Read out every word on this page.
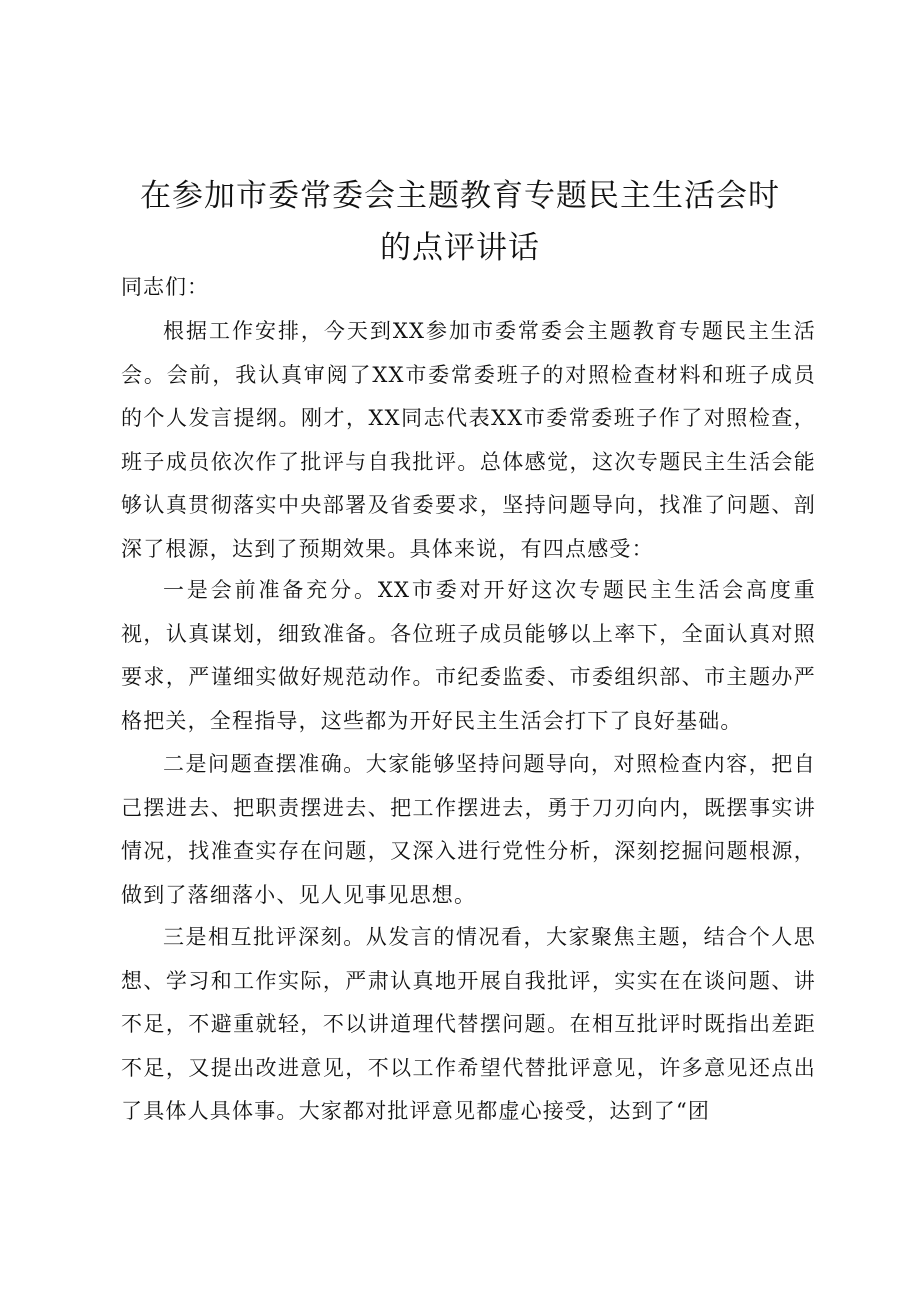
在参加市委常委会主题教育专题民主生活会时
的点评讲话
同志们：

根据工作安排，今天到XX参加市委常委会主题教育专题民主生活会。会前，我认真审阅了XX市委常委班子的对照检查材料和班子成员的个人发言提纲。刚才，XX同志代表XX市委常委班子作了对照检查，班子成员依次作了批评与自我批评。总体感觉，这次专题民主生活会能够认真贯彻落实中央部署及省委要求，坚持问题导向，找准了问题、剖深了根源，达到了预期效果。具体来说，有四点感受：

一是会前准备充分。XX市委对开好这次专题民主生活会高度重视，认真谋划，细致准备。各位班子成员能够以上率下，全面认真对照要求，严谨细实做好规范动作。市纪委监委、市委组织部、市主题办严格把关，全程指导，这些都为开好民主生活会打下了良好基础。

二是问题查摆准确。大家能够坚持问题导向，对照检查内容，把自己摆进去、把职责摆进去、把工作摆进去，勇于刀刃向内，既摆事实讲情况，找准查实存在问题，又深入进行党性分析，深刻挖掘问题根源，做到了落细落小、见人见事见思想。

三是相互批评深刻。从发言的情况看，大家聚焦主题，结合个人思想、学习和工作实际，严肃认真地开展自我批评，实实在在谈问题、讲不足，不避重就轻，不以讲道理代替摆问题。在相互批评时既指出差距不足，又提出改进意见，不以工作希望代替批评意见，许多意见还点出了具体人具体事。大家都对批评意见都虚心接受，达到了“团
